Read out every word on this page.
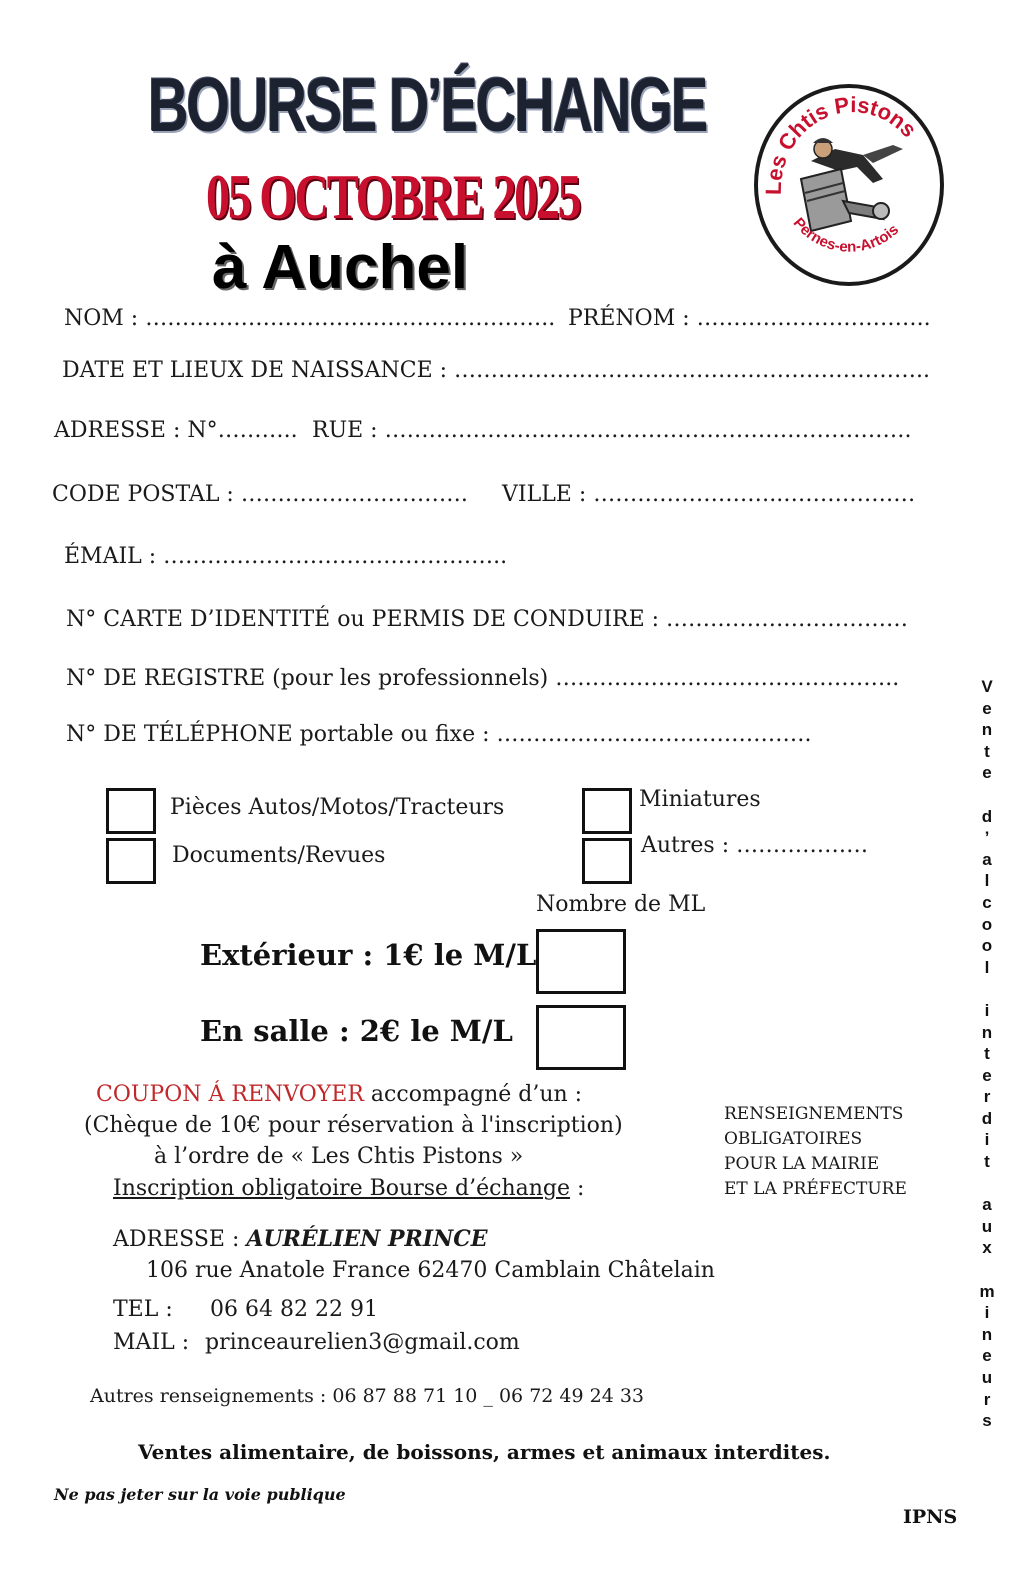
BOURSE D’ÉCHANGE
05 OCTOBRE 2025
à Auchel
Les Chtis Pistons
Pernes-en-Artois
NOM : ……………………………………………….. PRÉNOM : …………………………..
DATE ET LIEUX DE NAISSANCE : ………………………………………………………..
ADRESSE : N°……….. RUE : …………………..………………………………………….
CODE POSTAL : …………………………. VILLE : ……………………..………………
ÉMAIL : ………………………………………..
N° CARTE D’IDENTITÉ ou PERMIS DE CONDUIRE : ……………………………
N° DE REGISTRE (pour les professionnels) ………………………………………..
N° DE TÉLÉPHONE portable ou fixe : …………………………………….
Pièces Autos/Motos/Tracteurs
Documents/Revues
Miniatures
Autres : ………………
Nombre de ML
Extérieur : 1€ le M/L
En salle : 2€ le M/L
COUPON Á RENVOYER accompagné d’un :
(Chèque de 10€ pour réservation à l'inscription)
à l’ordre de « Les Chtis Pistons »
Inscription obligatoire Bourse d’échange :
RENSEIGNEMENTS
OBLIGATOIRES
POUR LA MAIRIE
ET LA PRÉFECTURE
ADRESSE : AURÉLIEN PRINCE
106 rue Anatole France 62470 Camblain Châtelain
TEL : 06 64 82 22 91
MAIL : princeaurelien3@gmail.com
Autres renseignements : 06 87 88 71 10 _ 06 72 49 24 33
Ventes alimentaire, de boissons, armes et animaux interdites.
Ne pas jeter sur la voie publique
IPNS
V
e
n
t
e

d
’
a
l
c
o
o
l

i
n
t
e
r
d
i
t

a
u
x

m
i
n
e
u
r
s
